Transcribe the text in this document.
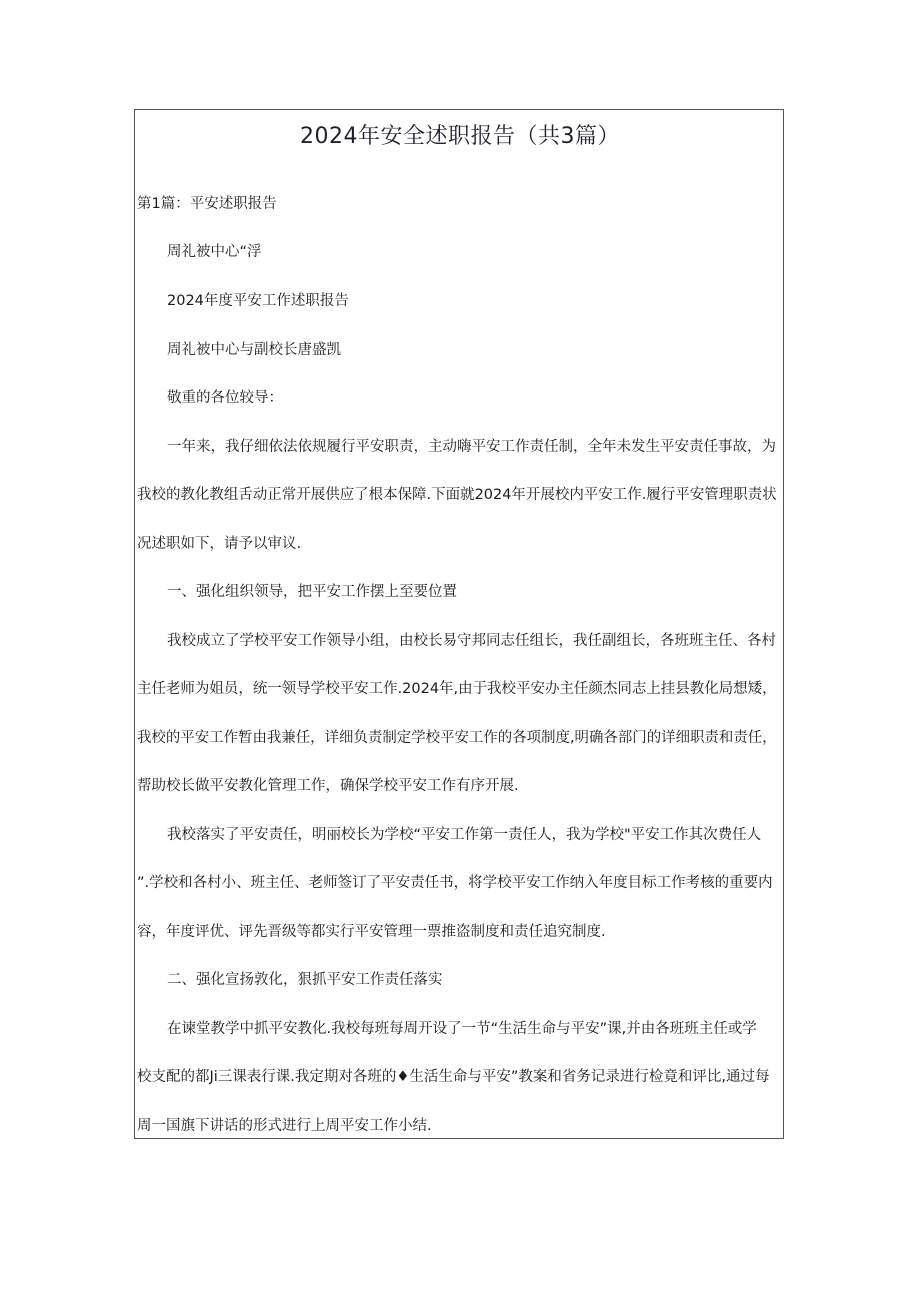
2024年安全述职报告（共3篇）
第1篇：平安述职报告
周礼被中心“浮
2024年度平安工作述职报告
周礼被中心与副校长唐盛凯
敬重的各位较导：
一年来，我仔细依法依规履行平安职责，主动嗨平安工作责任制，全年未发生平安责任事故，为
我校的教化教组舌动正常开展供应了根本保障.下面就2024年开展校内平安工作.履行平安管理职责状
况述职如下，请予以审议.
一、强化组织领导，把平安工作摆上至要位置
我校成立了学校平安工作领导小组，由校长易守邦同志任组长，我任副组长，各班班主任、各村
主任老师为姐员，统一领导学校平安工作.2024年,由于我校平安办主任颜杰同志上挂县教化局想矮，
我校的平安工作暂由我兼任，详细负责制定学校平安工作的各项制度,明确各部门的详细职责和责任，
帮助校长做平安教化管理工作，确保学校平安工作有序开展.
我校落实了平安责任，明丽校长为学校“平安工作第一责任人，我为学校"平安工作其次费任人
”.学校和各村小、班主任、老师签订了平安责任书，将学校平安工作纳入年度目标工作考核的重要内
容，年度评优、评先晋级等都实行平安管理一票推盗制度和责任追究制度.
二、强化宣扬敦化，狠抓平安工作责任落实
在谏堂教学中抓平安教化.我校每班每周开设了一节“生活生命与平安”课,并由各班班主任或学
校支配的都Ji三课表行课.我定期对各班的♦生活生命与平安”教案和省务记录进行检竟和评比,通过每
周一国旗下讲话的形式进行上周平安工作小结.
